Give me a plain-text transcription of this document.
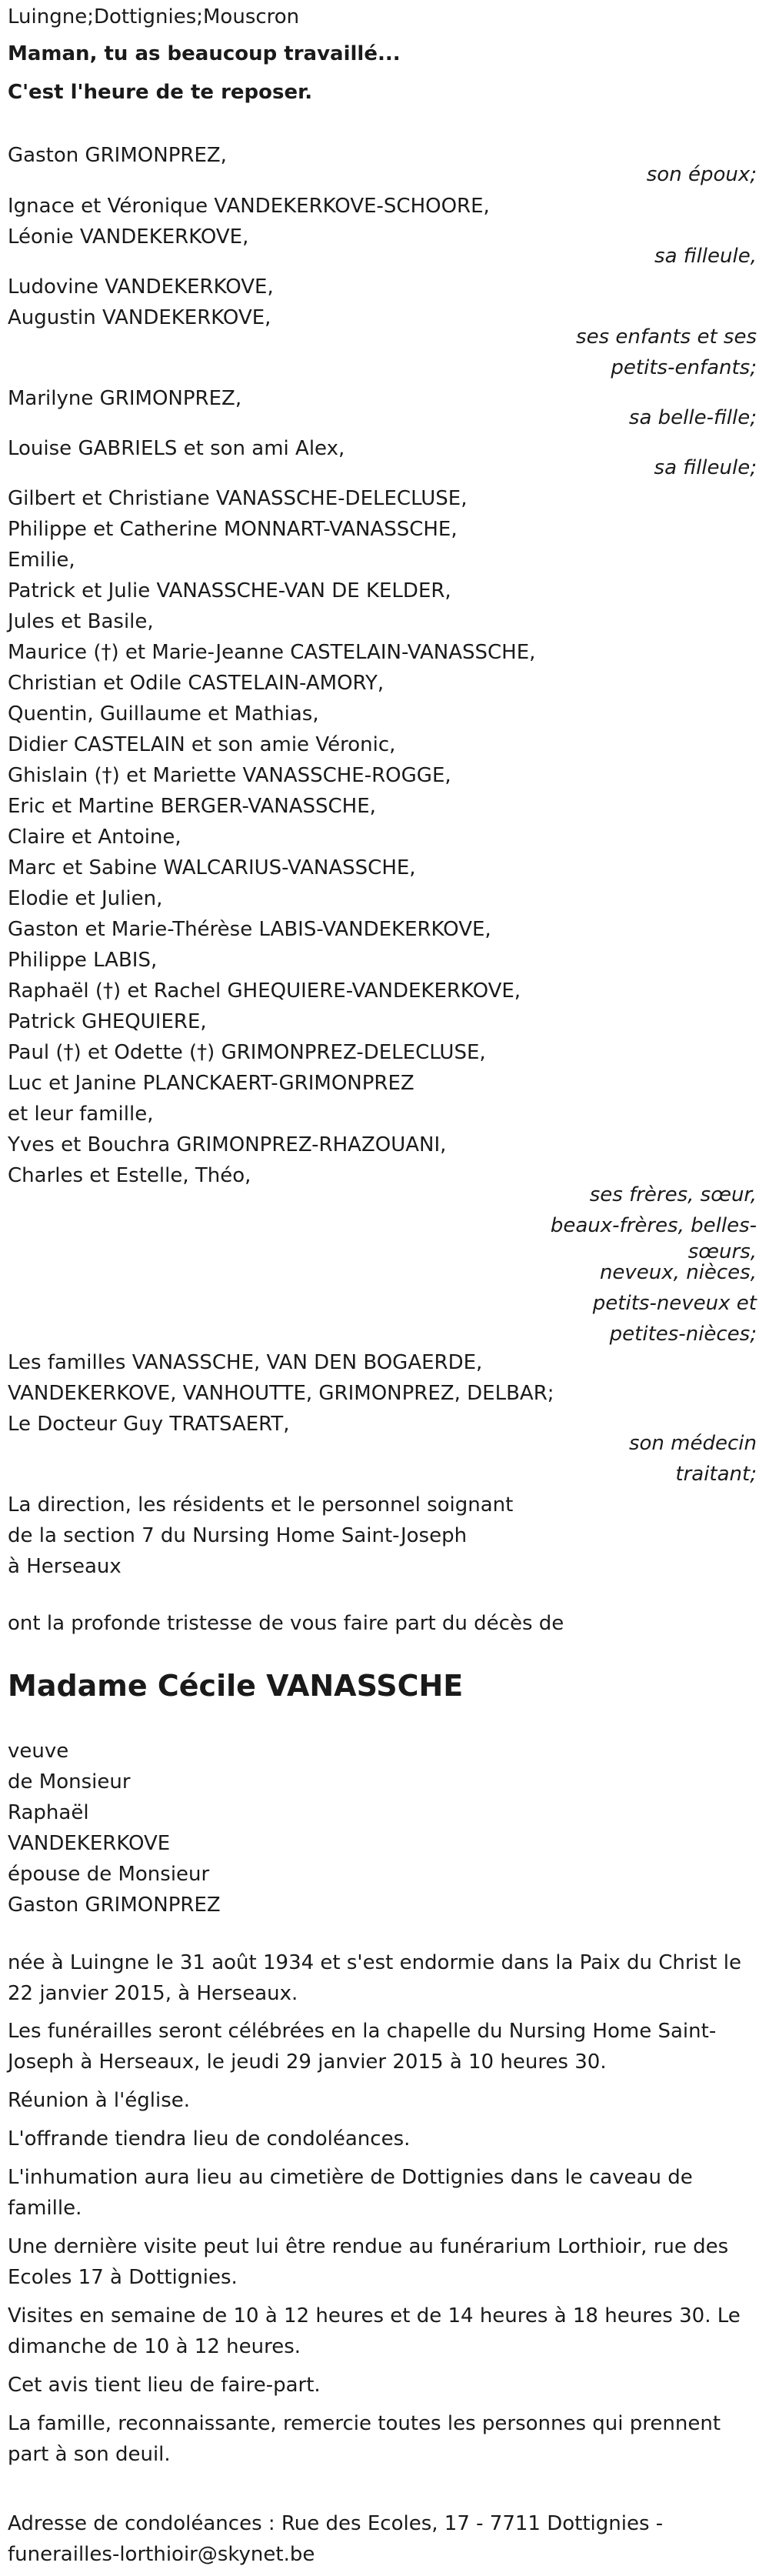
Luingne;Dottignies;Mouscron
Maman, tu as beaucoup travaillé...
C'est l'heure de te reposer.
Gaston GRIMONPREZ,
son époux;
Ignace et Véronique VANDEKERKOVE-SCHOORE,
Léonie VANDEKERKOVE,
sa filleule,
Ludovine VANDEKERKOVE,
Augustin VANDEKERKOVE,
ses enfants et ses
petits-enfants;
Marilyne GRIMONPREZ,
sa belle-fille;
Louise GABRIELS et son ami Alex,
sa filleule;
Gilbert et Christiane VANASSCHE-DELECLUSE,
Philippe et Catherine MONNART-VANASSCHE,
Emilie,
Patrick et Julie VANASSCHE-VAN DE KELDER,
Jules et Basile,
Maurice (†) et Marie-Jeanne CASTELAIN-VANASSCHE,
Christian et Odile CASTELAIN-AMORY,
Quentin, Guillaume et Mathias,
Didier CASTELAIN et son amie Véronic,
Ghislain (†) et Mariette VANASSCHE-ROGGE,
Eric et Martine BERGER-VANASSCHE,
Claire et Antoine,
Marc et Sabine WALCARIUS-VANASSCHE,
Elodie et Julien,
Gaston et Marie-Thérèse LABIS-VANDEKERKOVE,
Philippe LABIS,
Raphaël (†) et Rachel GHEQUIERE-VANDEKERKOVE,
Patrick GHEQUIERE,
Paul (†) et Odette (†) GRIMONPREZ-DELECLUSE,
Luc et Janine PLANCKAERT-GRIMONPREZ
et leur famille,
Yves et Bouchra GRIMONPREZ-RHAZOUANI,
Charles et Estelle, Théo,
ses frères, sœur,
beaux-frères, belles-
sœurs,
neveux, nièces,
petits-neveux et
petites-nièces;
Les familles VANASSCHE, VAN DEN BOGAERDE,
VANDEKERKOVE, VANHOUTTE, GRIMONPREZ, DELBAR;
Le Docteur Guy TRATSAERT,
son médecin
traitant;
La direction, les résidents et le personnel soignant
de la section 7 du Nursing Home Saint-Joseph
à Herseaux
ont la profonde tristesse de vous faire part du décès de
Madame Cécile VANASSCHE
veuve
de Monsieur
Raphaël
VANDEKERKOVE
épouse de Monsieur
Gaston GRIMONPREZ
née à Luingne le 31 août 1934 et s'est endormie dans la Paix du Christ le
22 janvier 2015, à Herseaux.
Les funérailles seront célébrées en la chapelle du Nursing Home Saint-
Joseph à Herseaux, le jeudi 29 janvier 2015 à 10 heures 30.
Réunion à l'église.
L'offrande tiendra lieu de condoléances.
L'inhumation aura lieu au cimetière de Dottignies dans le caveau de
famille.
Une dernière visite peut lui être rendue au funérarium Lorthioir, rue des
Ecoles 17 à Dottignies.
Visites en semaine de 10 à 12 heures et de 14 heures à 18 heures 30. Le
dimanche de 10 à 12 heures.
Cet avis tient lieu de faire-part.
La famille, reconnaissante, remercie toutes les personnes qui prennent
part à son deuil.
Adresse de condoléances : Rue des Ecoles, 17 - 7711 Dottignies -
funerailles-lorthioir@skynet.be
